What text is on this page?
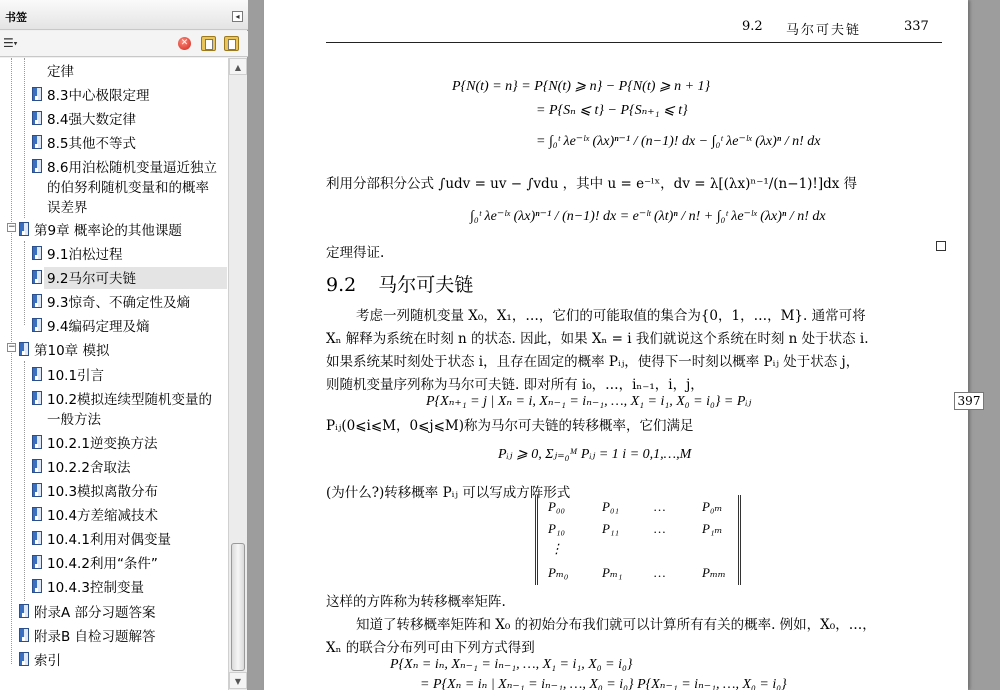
书签	◂
☰▾	✕
定律
8.3中心极限定理
8.4强大数定律
8.5其他不等式
8.6用泊松随机变量逼近独立
的伯努利随机变量和的概率
误差界
− 第9章 概率论的其他课题
9.1泊松过程
9.2马尔可夫链
9.3惊奇、不确定性及熵
9.4编码定理及熵
− 第10章 模拟
10.1引言
10.2模拟连续型随机变量的
一般方法
10.2.1逆变换方法
10.2.2舍取法
10.3模拟离散分布
10.4方差缩减技术
10.4.1利用对偶变量
10.4.2利用“条件”
10.4.3控制变量
附录A 部分习题答案
附录B 自检习题解答
索引
▲
▼
9.2 马尔可夫链	337
P{N(t) = n} = P{N(t) ⩾ n} − P{N(t) ⩾ n + 1}
= P{Sₙ ⩽ t} − P{Sₙ₊₁ ⩽ t}
= ∫₀ᵗ λe⁻ˡˣ (λx)ⁿ⁻¹ / (n−1)! dx − ∫₀ᵗ λe⁻ˡˣ (λx)ⁿ / n! dx
利用分部积分公式 ∫udv = uv − ∫vdu ，其中 u = e⁻ˡˣ，dv = λ[(λx)ⁿ⁻¹/(n−1)!]dx 得
∫₀ᵗ λe⁻ˡˣ (λx)ⁿ⁻¹ / (n−1)! dx = e⁻ˡᵗ (λt)ⁿ / n! + ∫₀ᵗ λe⁻ˡˣ (λx)ⁿ / n! dx
定理得证.
9.2 马尔可夫链
考虑一列随机变量 X₀，X₁，…，它们的可能取值的集合为{0，1，…，M}. 通常可将
Xₙ 解释为系统在时刻 n 的状态. 因此，如果 Xₙ = i 我们就说这个系统在时刻 n 处于状态 i.
如果系统某时刻处于状态 i，且存在固定的概率 Pᵢⱼ，使得下一时刻以概率 Pᵢⱼ 处于状态 j，
则随机变量序列称为马尔可夫链. 即对所有 i₀，…，iₙ₋₁，i，j，
P{Xₙ₊₁ = j | Xₙ = i, Xₙ₋₁ = iₙ₋₁, …, X₁ = i₁, X₀ = i₀} = Pᵢⱼ
Pᵢⱼ(0⩽i⩽M，0⩽j⩽M)称为马尔可夫链的转移概率，它们满足
Pᵢⱼ ⩾ 0, Σⱼ₌₀ᴹ Pᵢⱼ = 1 i = 0,1,…,M
(为什么?)转移概率 Pᵢⱼ 可以写成方阵形式
P₀₀	P₀₁	…	P₀ₘ
P₁₀	P₁₁	…	P₁ₘ
⋮
Pₘ₀	Pₘ₁ …	Pₘₘ
这样的方阵称为转移概率矩阵.
知道了转移概率矩阵和 X₀ 的初始分布我们就可以计算所有有关的概率. 例如，X₀，…，
Xₙ 的联合分布列可由下列方式得到
P{Xₙ = iₙ, Xₙ₋₁ = iₙ₋₁, …, X₁ = i₁, X₀ = i₀}
= P{Xₙ = iₙ | Xₙ₋₁ = iₙ₋₁, …, X₀ = i₀} P{Xₙ₋₁ = iₙ₋₁, …, X₀ = i₀}
397
